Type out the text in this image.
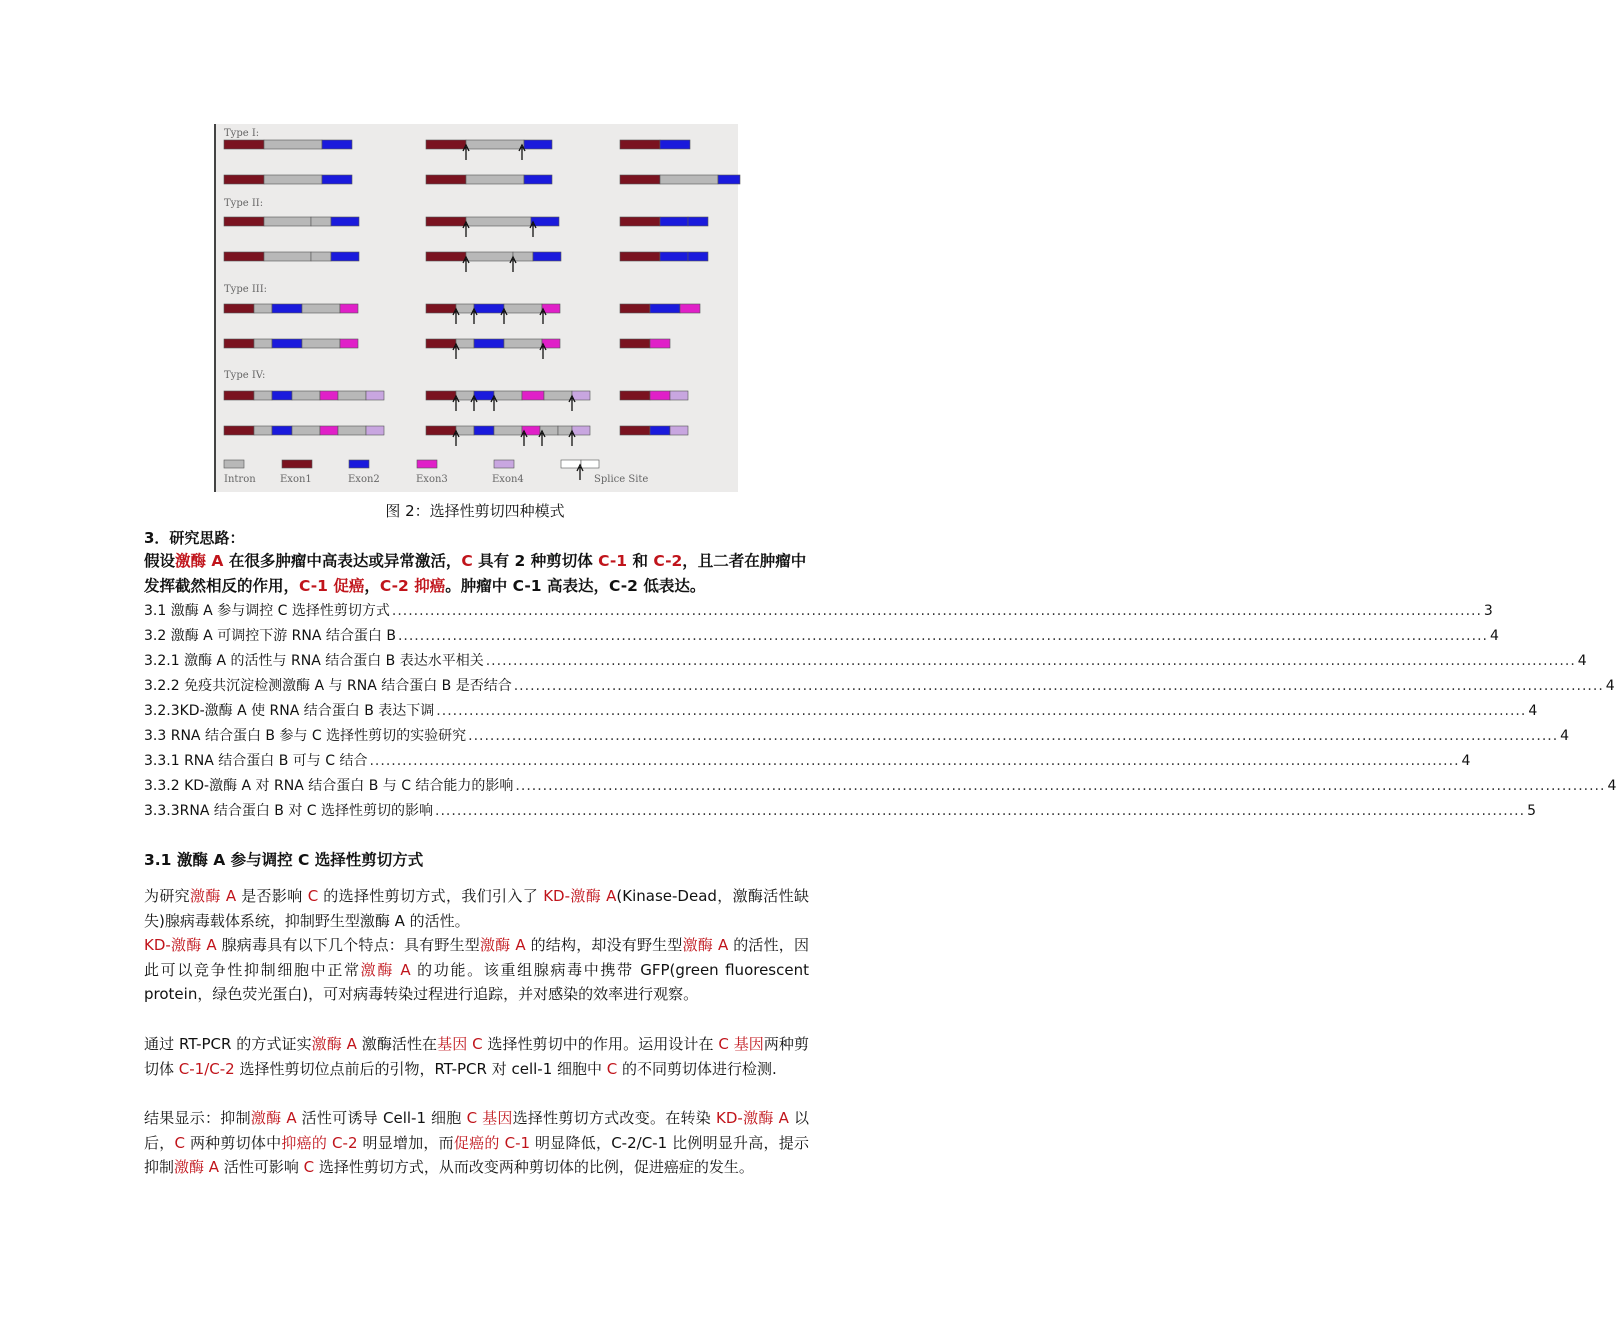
Type I:
Type II:
Type III:
Type IV:
Intron Exon1	Exon2	Exon3	Exon4	Splice Site
图 2：选择性剪切四种模式
3．研究思路：
假设激酶 A 在很多肿瘤中高表达或异常激活，C 具有 2 种剪切体 C-1 和 C-2，且二者在肿瘤中发挥截然相反的作用，C-1 促癌，C-2 抑癌。肿瘤中 C-1 高表达，C-2 低表达。
3.1 激酶 A 参与调控 C 选择性剪切方式 ........................................................................................................................................................................................................ 3
3.2 激酶 A 可调控下游 RNA 结合蛋白 B ........................................................................................................................................................................................................ 4
3.2.1 激酶 A 的活性与 RNA 结合蛋白 B 表达水平相关 ........................................................................................................................................................................................................ 4
3.2.2 免疫共沉淀检测激酶 A 与 RNA 结合蛋白 B 是否结合 ........................................................................................................................................................................................................ 4
3.2.3KD-激酶 A 使 RNA 结合蛋白 B 表达下调 ........................................................................................................................................................................................................ 4
3.3 RNA 结合蛋白 B 参与 C 选择性剪切的实验研究 ........................................................................................................................................................................................................ 4
3.3.1 RNA 结合蛋白 B 可与 C 结合 ........................................................................................................................................................................................................ 4
3.3.2 KD-激酶 A 对 RNA 结合蛋白 B 与 C 结合能力的影响 ........................................................................................................................................................................................................ 4
3.3.3RNA 结合蛋白 B 对 C 选择性剪切的影响 ........................................................................................................................................................................................................ 5
3.1 激酶 A 参与调控 C 选择性剪切方式
为研究激酶 A 是否影响 C 的选择性剪切方式，我们引入了 KD-激酶 A(Kinase-Dead，激酶活性缺失)腺病毒载体系统，抑制野生型激酶 A 的活性。
KD-激酶 A 腺病毒具有以下几个特点：具有野生型激酶 A 的结构，却没有野生型激酶 A 的活性，因此可以竞争性抑制细胞中正常激酶 A 的功能。该重组腺病毒中携带 GFP(green fluorescent protein，绿色荧光蛋白)，可对病毒转染过程进行追踪，并对感染的效率进行观察。
通过 RT-PCR 的方式证实激酶 A 激酶活性在基因 C 选择性剪切中的作用。运用设计在 C 基因两种剪切体 C-1/C-2 选择性剪切位点前后的引物，RT-PCR 对 cell-1 细胞中 C 的不同剪切体进行检测.
结果显示：抑制激酶 A 活性可诱导 Cell-1 细胞 C 基因选择性剪切方式改变。在转染 KD-激酶 A 以后，C 两种剪切体中抑癌的 C-2 明显增加，而促癌的 C-1 明显降低，C-2/C-1 比例明显升高，提示抑制激酶 A 活性可影响 C 选择性剪切方式，从而改变两种剪切体的比例，促进癌症的发生。
